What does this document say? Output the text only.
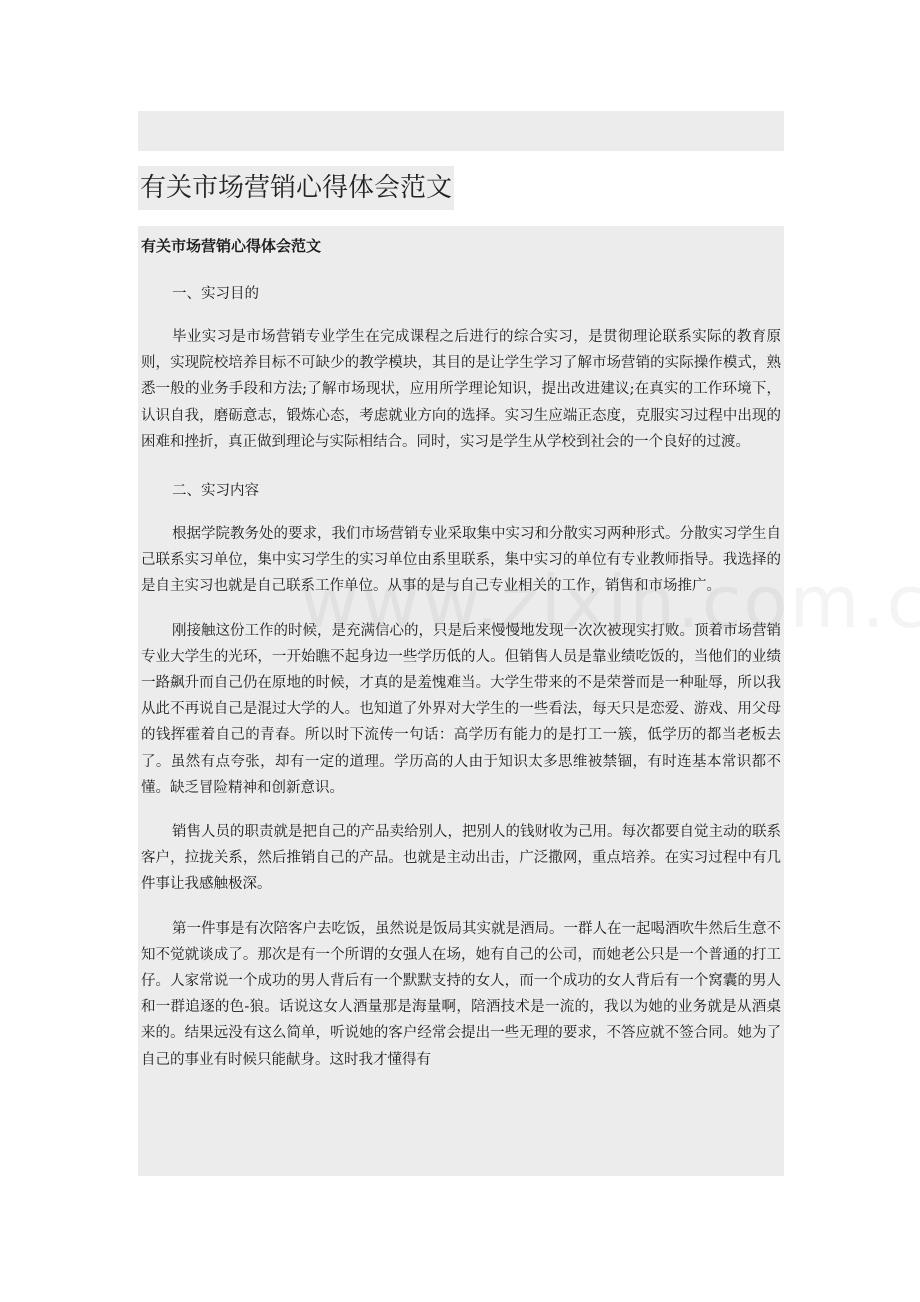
有关市场营销心得体会范文

有关市场营销心得体会范文

一、实习目的

毕业实习是市场营销专业学生在完成课程之后进行的综合实习，是贯彻理论联系实际的教育原则，实现院校培养目标不可缺少的教学模块，其目的是让学生学习了解市场营销的实际操作模式，熟悉一般的业务手段和方法;了解市场现状，应用所学理论知识，提出改进建议;在真实的工作环境下，认识自我，磨砺意志，锻炼心态，考虑就业方向的选择。实习生应端正态度，克服实习过程中出现的困难和挫折，真正做到理论与实际相结合。同时，实习是学生从学校到社会的一个良好的过渡。

二、实习内容

根据学院教务处的要求，我们市场营销专业采取集中实习和分散实习两种形式。分散实习学生自己联系实习单位，集中实习学生的实习单位由系里联系，集中实习的单位有专业教师指导。我选择的是自主实习也就是自己联系工作单位。从事的是与自己专业相关的工作，销售和市场推广。

刚接触这份工作的时候，是充满信心的，只是后来慢慢地发现一次次被现实打败。顶着市场营销专业大学生的光环，一开始瞧不起身边一些学历低的人。但销售人员是靠业绩吃饭的，当他们的业绩一路飙升而自己仍在原地的时候，才真的是羞愧难当。大学生带来的不是荣誉而是一种耻辱，所以我从此不再说自己是混过大学的人。也知道了外界对大学生的一些看法，每天只是恋爱、游戏、用父母的钱挥霍着自己的青春。所以时下流传一句话：高学历有能力的是打工一簇，低学历的都当老板去了。虽然有点夸张，却有一定的道理。学历高的人由于知识太多思维被禁锢，有时连基本常识都不懂。缺乏冒险精神和创新意识。

销售人员的职责就是把自己的产品卖给别人，把别人的钱财收为己用。每次都要自觉主动的联系客户，拉拢关系，然后推销自己的产品。也就是主动出击，广泛撒网，重点培养。在实习过程中有几件事让我感触极深。

第一件事是有次陪客户去吃饭，虽然说是饭局其实就是酒局。一群人在一起喝酒吹牛然后生意不知不觉就谈成了。那次是有一个所谓的女强人在场，她有自己的公司，而她老公只是一个普通的打工仔。人家常说一个成功的男人背后有一个默默支持的女人，而一个成功的女人背后有一个窝囊的男人和一群追逐的色-狼。话说这女人酒量那是海量啊，陪酒技术是一流的，我以为她的业务就是从酒桌来的。结果远没有这么简单，听说她的客户经常会提出一些无理的要求，不答应就不签合同。她为了自己的事业有时候只能献身。这时我才懂得有
